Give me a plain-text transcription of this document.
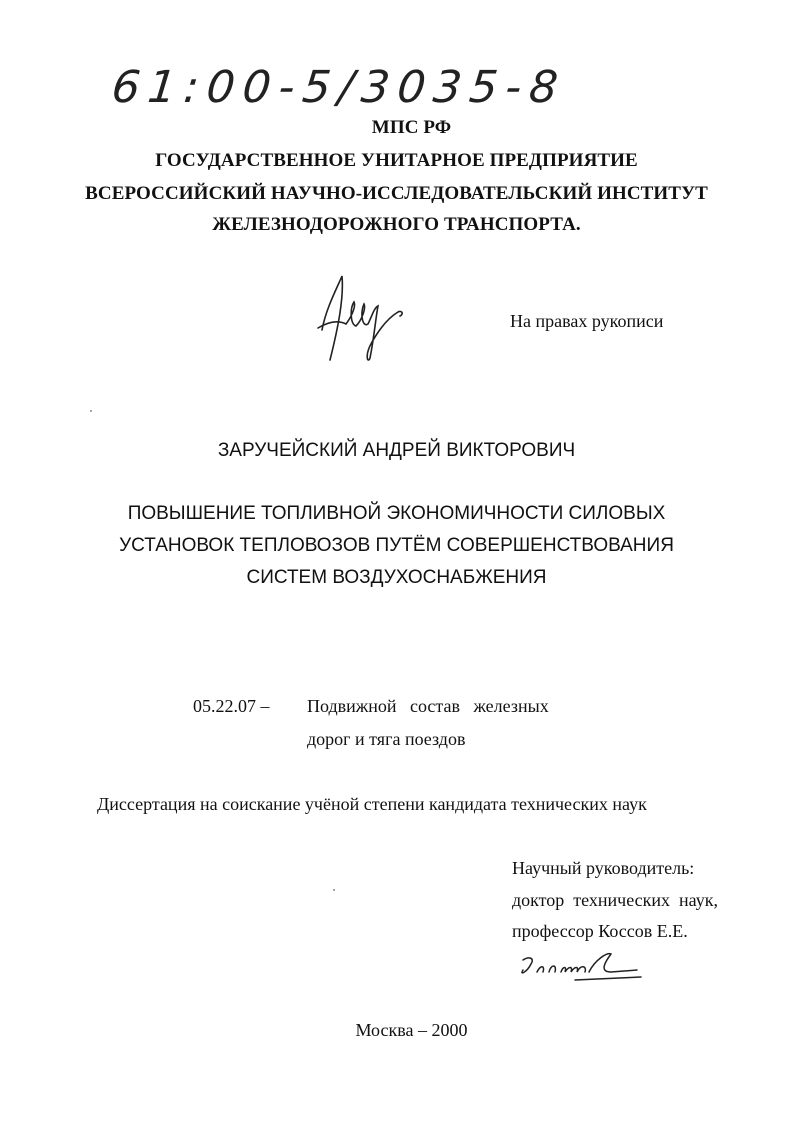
61:00-5/3035-8
МПС РФ
ГОСУДАРСТВЕННОЕ УНИТАРНОЕ ПРЕДПРИЯТИЕ
ВСЕРОССИЙСКИЙ НАУЧНО-ИССЛЕДОВАТЕЛЬСКИЙ ИНСТИТУТ
ЖЕЛЕЗНОДОРОЖНОГО ТРАНСПОРТА.
На правах рукописи
ЗАРУЧЕЙСКИЙ АНДРЕЙ ВИКТОРОВИЧ
ПОВЫШЕНИЕ ТОПЛИВНОЙ ЭКОНОМИЧНОСТИ СИЛОВЫХ
УСТАНОВОК ТЕПЛОВОЗОВ ПУТЁМ СОВЕРШЕНСТВОВАНИЯ
СИСТЕМ ВОЗДУХОСНАБЖЕНИЯ
05.22.07 – Подвижной   состав   железных
дорог и тяга поездов
Диссертация на соискание учёной степени кандидата технических наук
Научный руководитель:
доктор  технических  наук,
профессор Коссов Е.Е.
Москва – 2000
